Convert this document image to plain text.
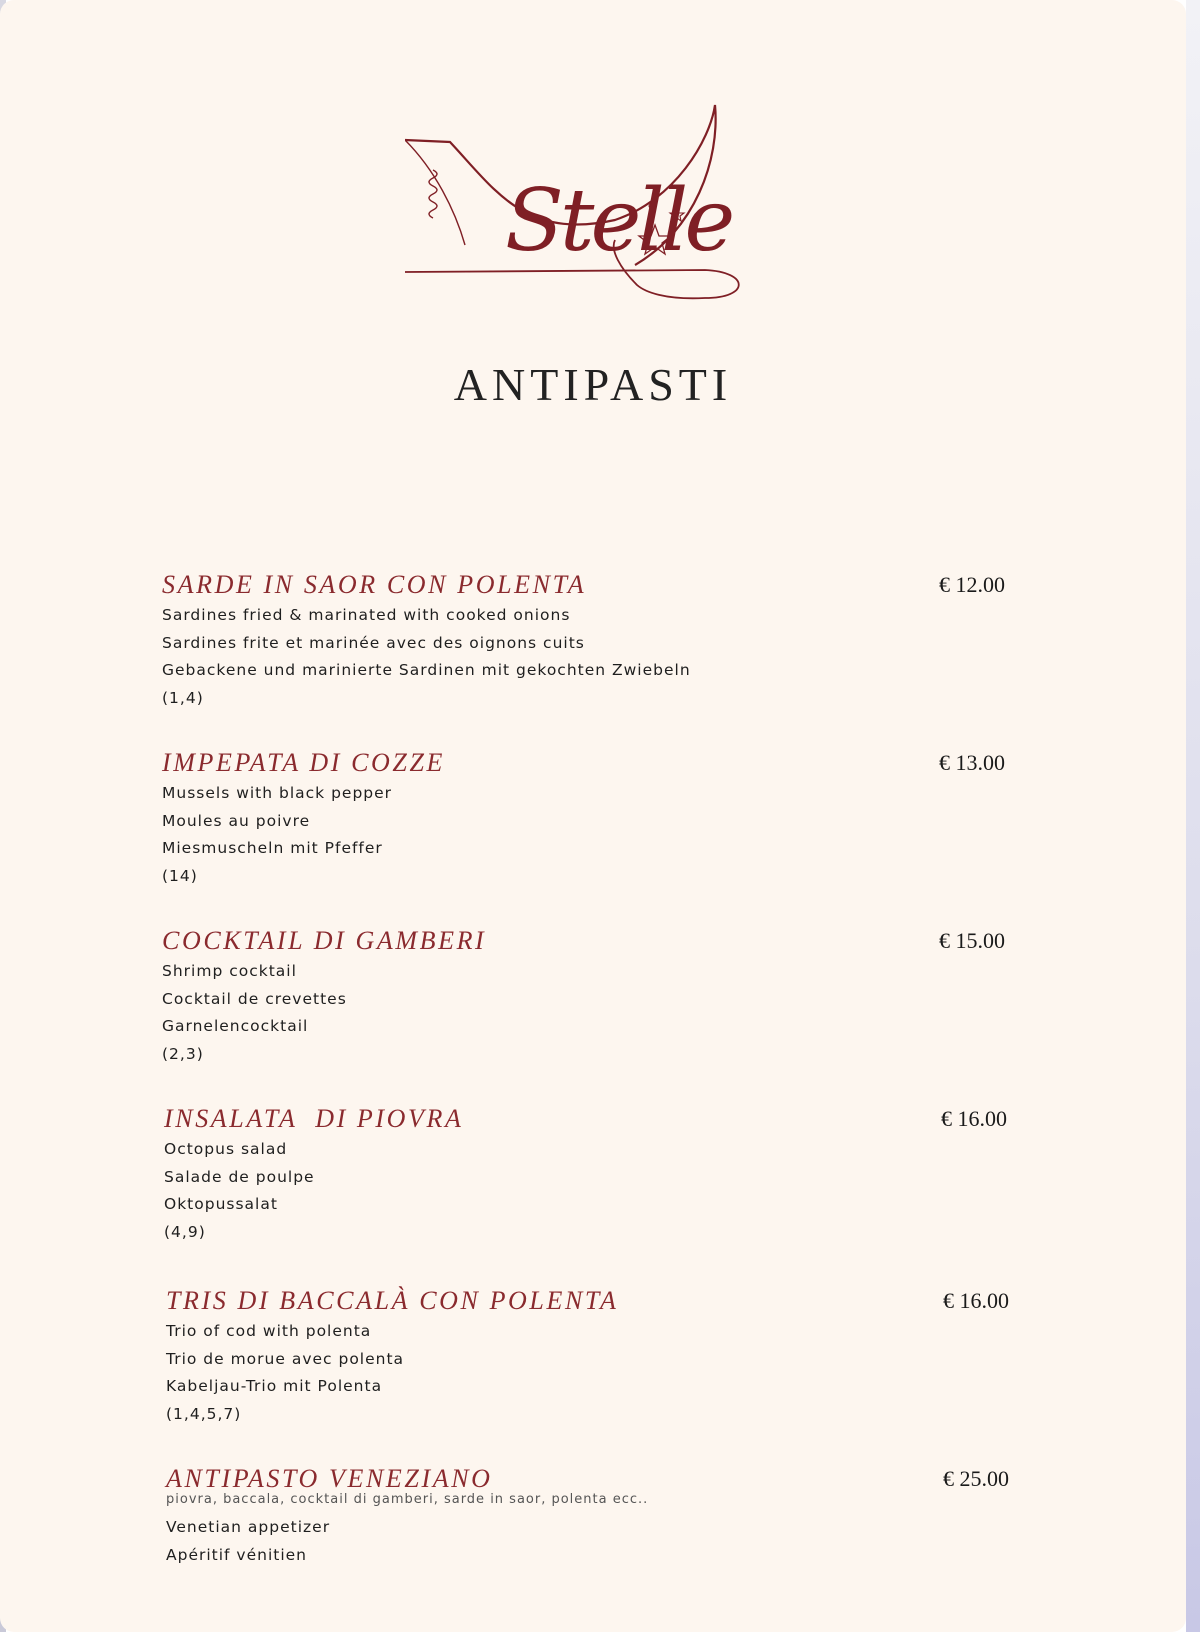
Stelle
ANTIPASTI
SARDE IN SAOR CON POLENTA	€ 12.00
Sardines fried & marinated with cooked onions
Sardines frite et marinée avec des oignons cuits
Gebackene und marinierte Sardinen mit gekochten Zwiebeln
(1,4)
IMPEPATA DI COZZE	€ 13.00
Mussels with black pepper
Moules au poivre
Miesmuscheln mit Pfeffer
(14)
COCKTAIL DI GAMBERI	€ 15.00
Shrimp cocktail
Cocktail de crevettes
Garnelencocktail
(2,3)
INSALATA  DI PIOVRA	€ 16.00
Octopus salad
Salade de poulpe
Oktopussalat
(4,9)
TRIS DI BACCALÀ CON POLENTA	€ 16.00
Trio of cod with polenta
Trio de morue avec polenta
Kabeljau-Trio mit Polenta
(1,4,5,7)
ANTIPASTO VENEZIANO	€ 25.00
piovra, baccala, cocktail di gamberi, sarde in saor, polenta ecc..
Venetian appetizer
Apéritif vénitien
